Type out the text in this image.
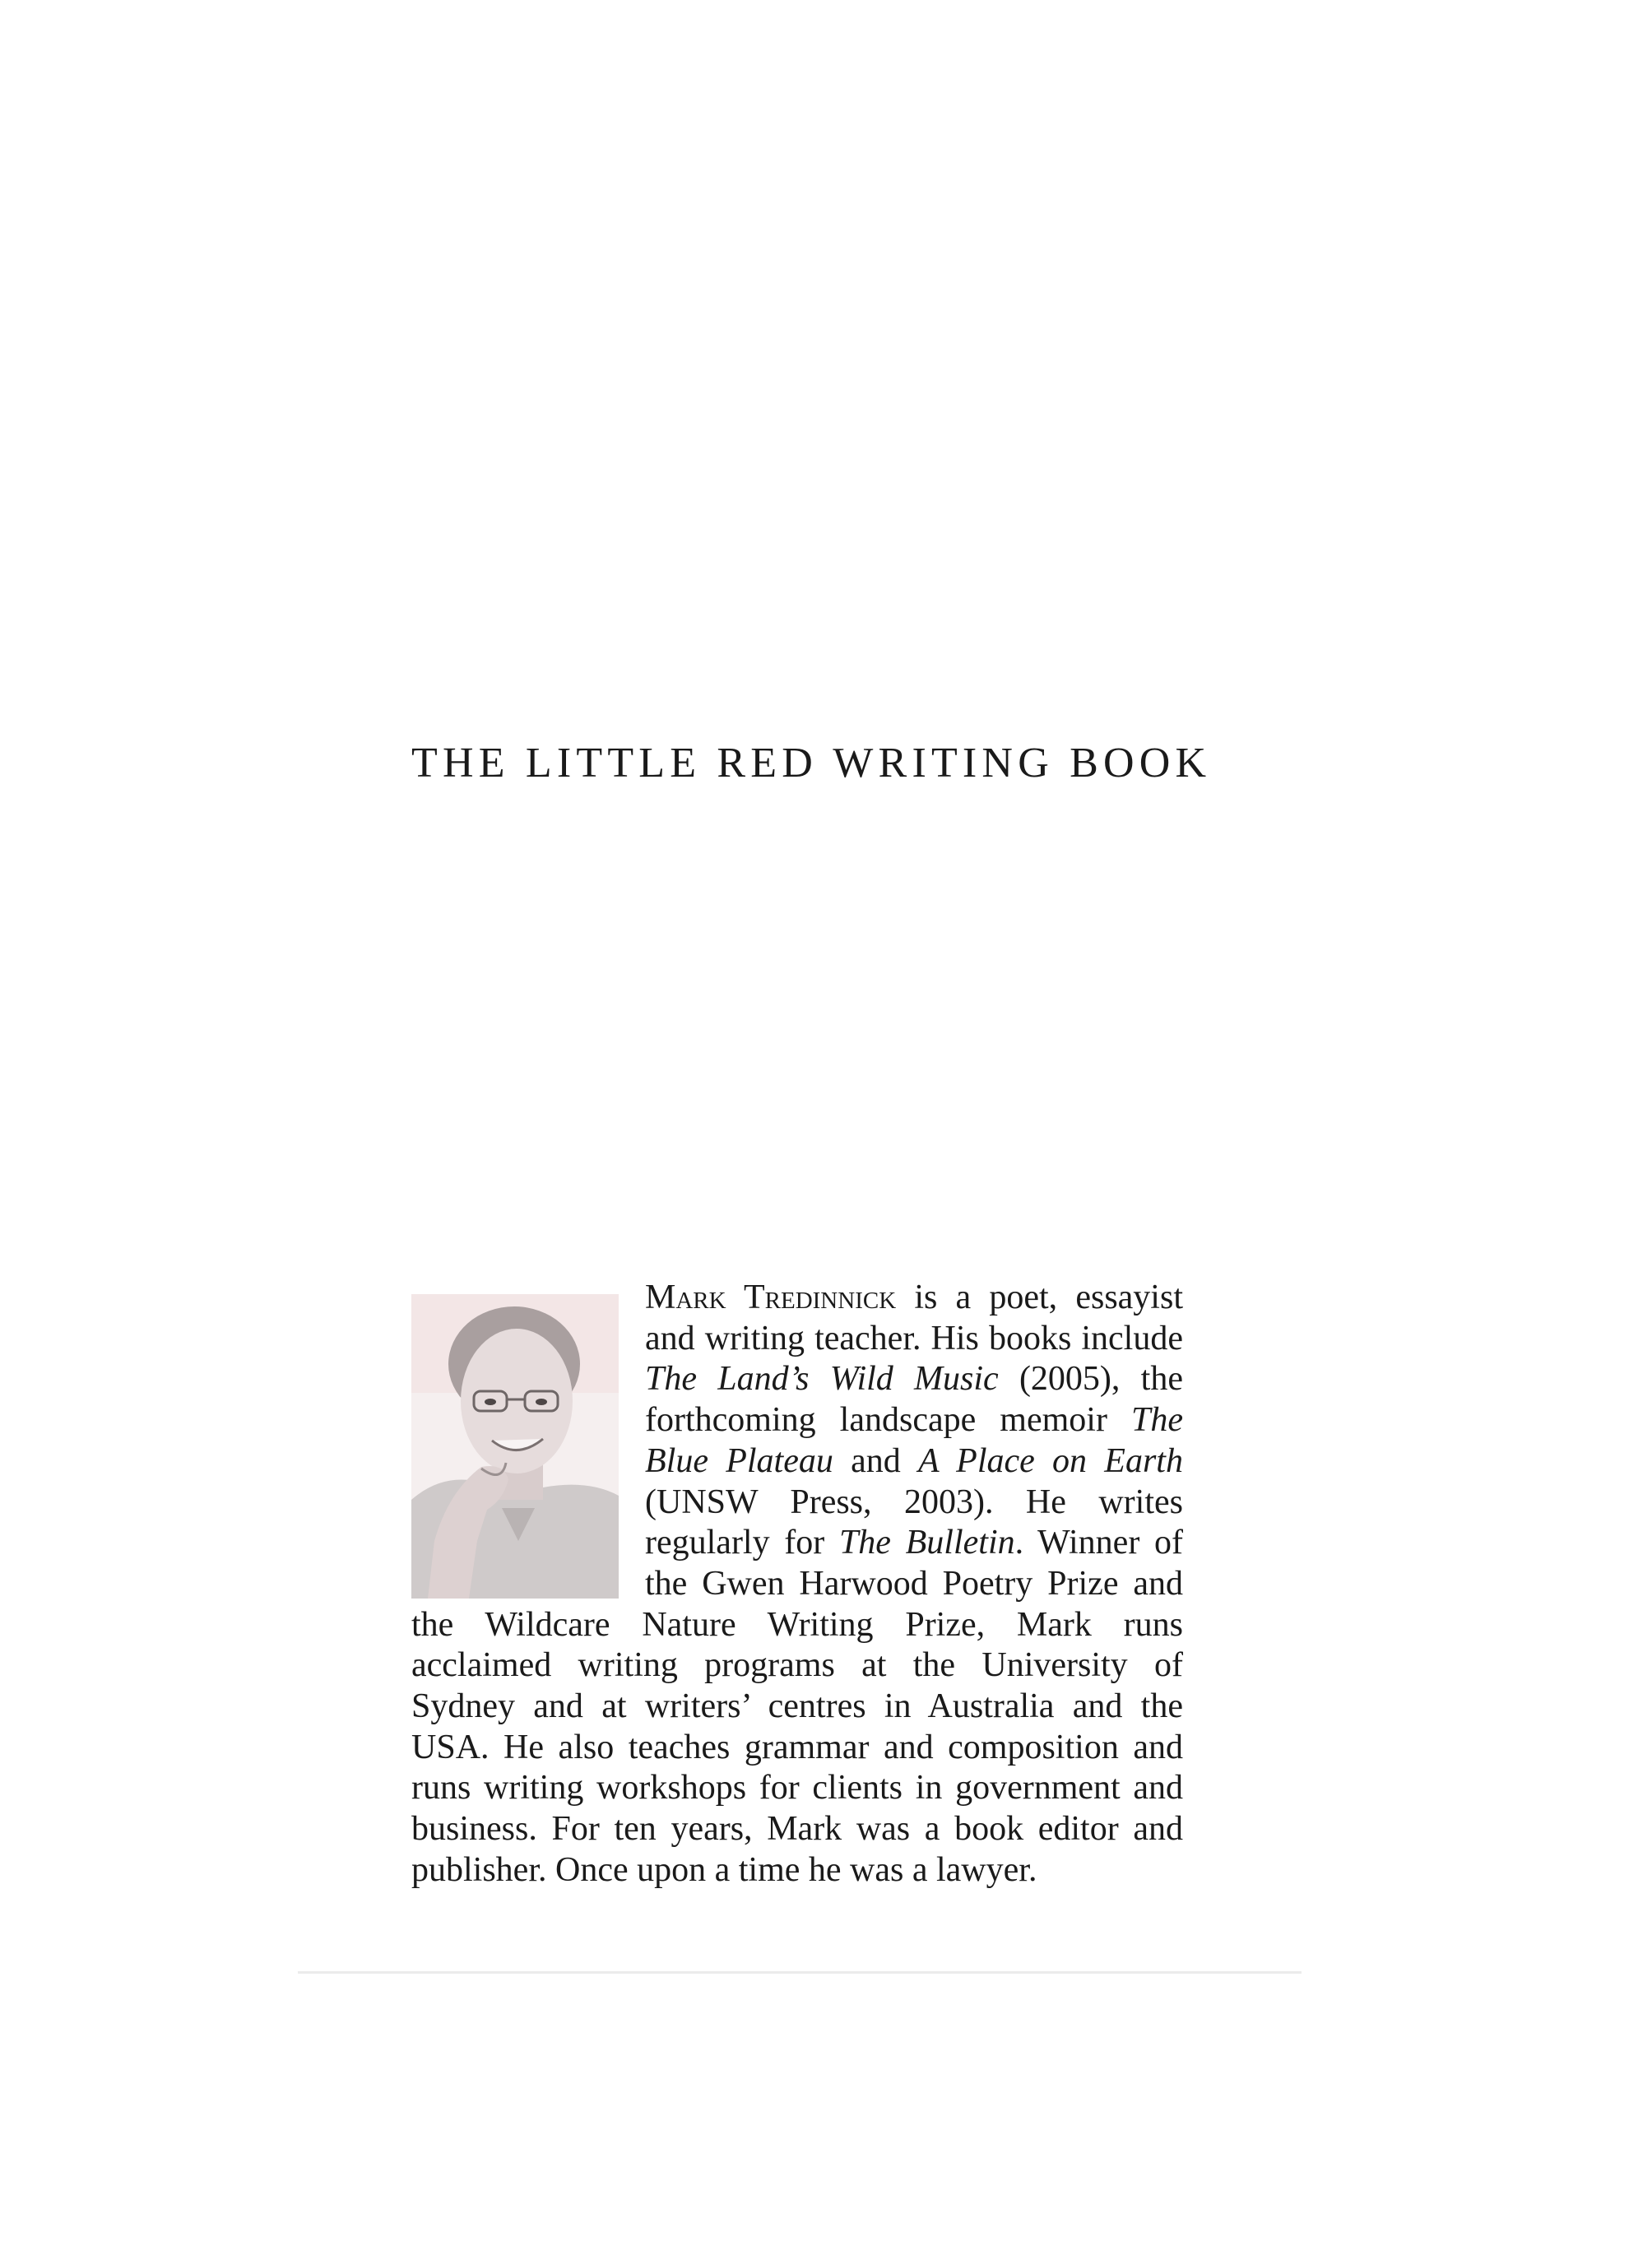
THE LITTLE RED WRITING BOOK

Mark Tredinnick is a poet, essayist and writing teacher. His books include The Land’s Wild Music (2005), the forthcoming landscape memoir The Blue Plateau and A Place on Earth (UNSW Press, 2003). He writes regularly for The Bulletin. Winner of the Gwen Harwood Poetry Prize and the Wildcare Nature Writing Prize, Mark runs acclaimed writing programs at the University of Sydney and at writers’ centres in Australia and the USA. He also teaches grammar and composition and runs writing workshops for clients in government and business. For ten years, Mark was a book editor and publisher. Once upon a time he was a lawyer.
